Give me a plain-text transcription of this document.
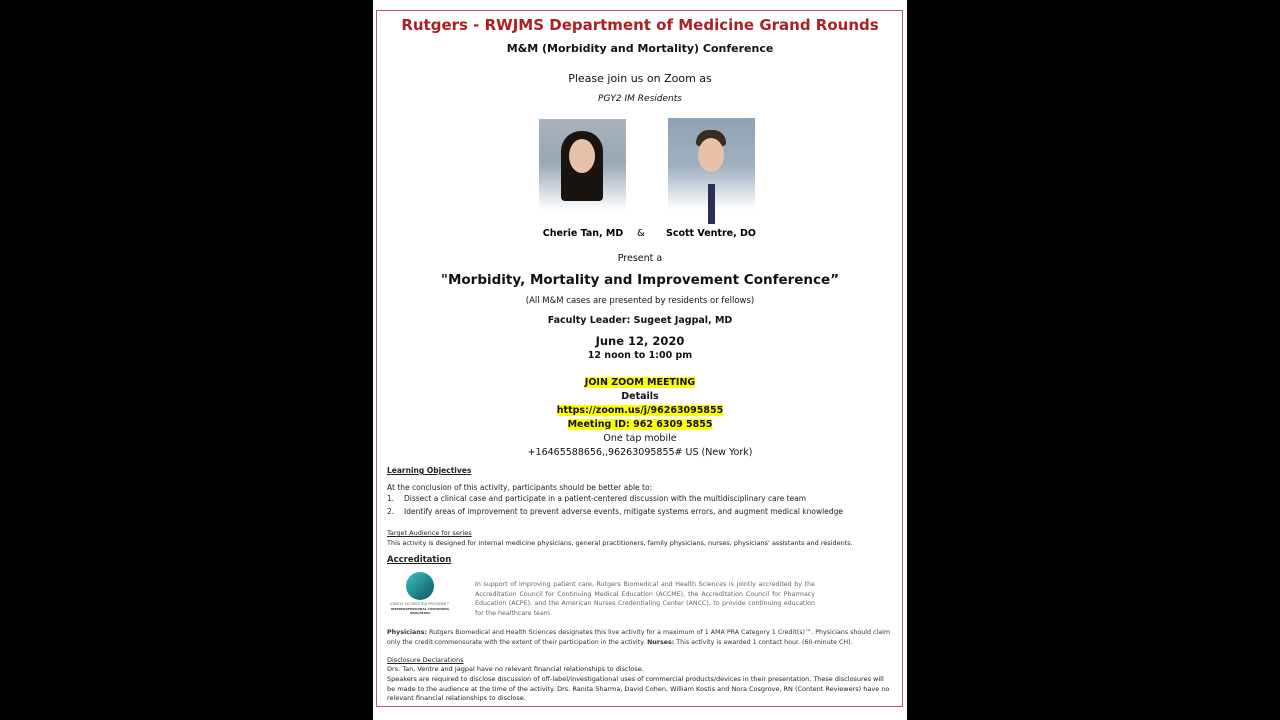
Rutgers - RWJMS Department of Medicine Grand Rounds
M&M (Morbidity and Mortality) Conference
Please join us on Zoom as
PGY2 IM Residents
Cherie Tan, MD	&	Scott Ventre, DO
Present a
"Morbidity, Mortality and Improvement Conference”
(All M&M cases are presented by residents or fellows)
Faculty Leader: Sugeet Jagpal, MD
June 12, 2020
12 noon to 1:00 pm
JOIN ZOOM MEETING
Details
https://zoom.us/j/96263095855
Meeting ID: 962 6309 5855
One tap mobile
+16465588656,,96263095855# US (New York)
Learning Objectives
At the conclusion of this activity, participants should be better able to:
1. Dissect a clinical case and participate in a patient-centered discussion with the multidisciplinary care team
2. Identify areas of improvement to prevent adverse events, mitigate systems errors, and augment medical knowledge
Target Audience for series
This activity is designed for internal medicine physicians, general practitioners, family physicians, nurses, physicians' assistants and residents.
Accreditation
JOINTLY ACCREDITED PROVIDER™
INTERPROFESSIONAL CONTINUING EDUCATION
In support of improving patient care, Rutgers Biomedical and Health Sciences is jointly accredited by the Accreditation Council for Continuing Medical Education (ACCME), the Accreditation Council for Pharmacy Education (ACPE), and the American Nurses Credentialing Center (ANCC), to provide continuing education for the healthcare team.
Physicians: Rutgers Biomedical and Health Sciences designates this live activity for a maximum of 1 AMA PRA Category 1 Credit(s)™. Physicians should claim only the credit commensurate with the extent of their participation in the activity. Nurses: This activity is awarded 1 contact hour. (60-minute CH).
Disclosure Declarations
Drs. Tan, Ventre and Jagpal have no relevant financial relationships to disclose.
Speakers are required to disclose discussion of off-label/investigational uses of commercial products/devices in their presentation. These disclosures will be made to the audience at the time of the activity. Drs. Ranita Sharma, David Cohen, William Kostis and Nora Cosgrove, RN (Content Reviewers) have no relevant financial relationships to disclose.
